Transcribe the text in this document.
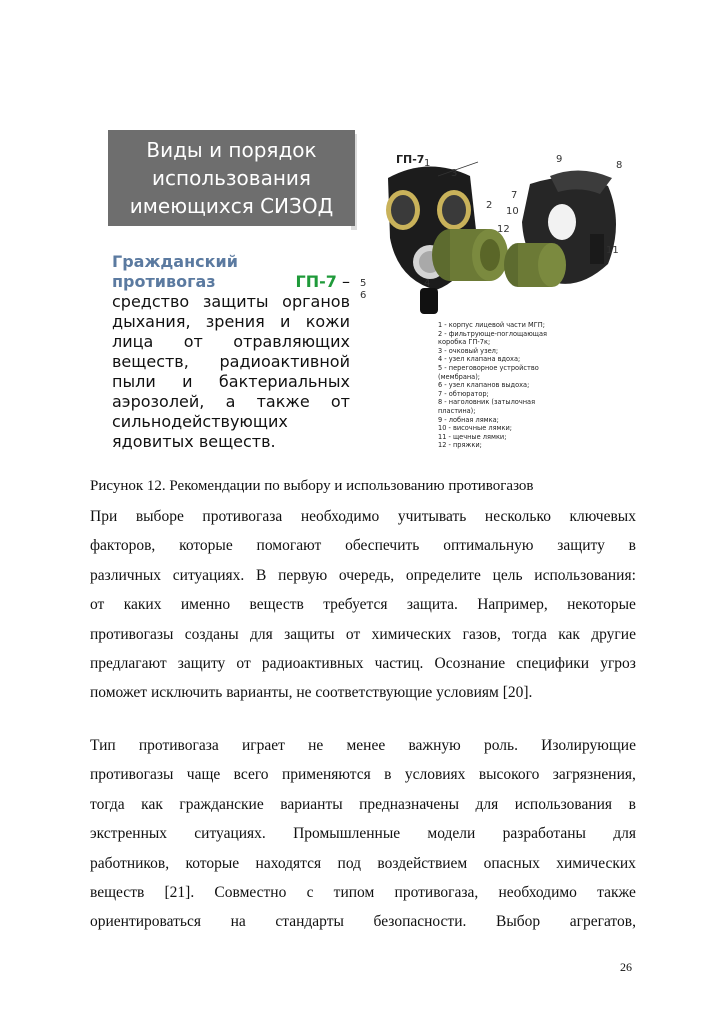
Виды и порядок
использования
имеющихся СИЗОД
Гражданский
противогаз	ГП-7
–
средство защиты органов
дыхания, зрения и кожи
лица от отравляющих
веществ, радиоактивной
пыли и бактериальных
аэрозолей, а также от
сильнодействующих
ядовитых веществ.
ГП-7 1
2
3
4
5
6
7
8
9
10
11
12
1 - корпус лицевой части МГП;
2 - фильтрующе-поглощающая
коробка ГП-7к;
3 - очковый узел;
4 - узел клапана вдоха;
5 - переговорное устройство
(мембрана);
6 - узел клапанов выдоха;
7 - обтюратор;
8 - наголовник (затылочная
пластина);
9 - лобная лямка;
10 - височные лямки;
11 - щечные лямки;
12 - пряжки;
Рисунок 12. Рекомендации по выбору и использованию противогазов
При выборе противогаза необходимо учитывать несколько ключевых
факторов, которые помогают обеспечить оптимальную защиту в
различных ситуациях. В первую очередь, определите цель использования:
от каких именно веществ требуется защита. Например, некоторые
противогазы созданы для защиты от химических газов, тогда как другие
предлагают защиту от радиоактивных частиц. Осознание специфики угроз
поможет исключить варианты, не соответствующие условиям [20].
Тип противогаза играет не менее важную роль. Изолирующие
противогазы чаще всего применяются в условиях высокого загрязнения,
тогда как гражданские варианты предназначены для использования в
экстренных ситуациях. Промышленные модели разработаны для
работников, которые находятся под воздействием опасных химических
веществ [21]. Совместно с типом противогаза, необходимо также
ориентироваться на стандарты безопасности. Выбор агрегатов,
26
